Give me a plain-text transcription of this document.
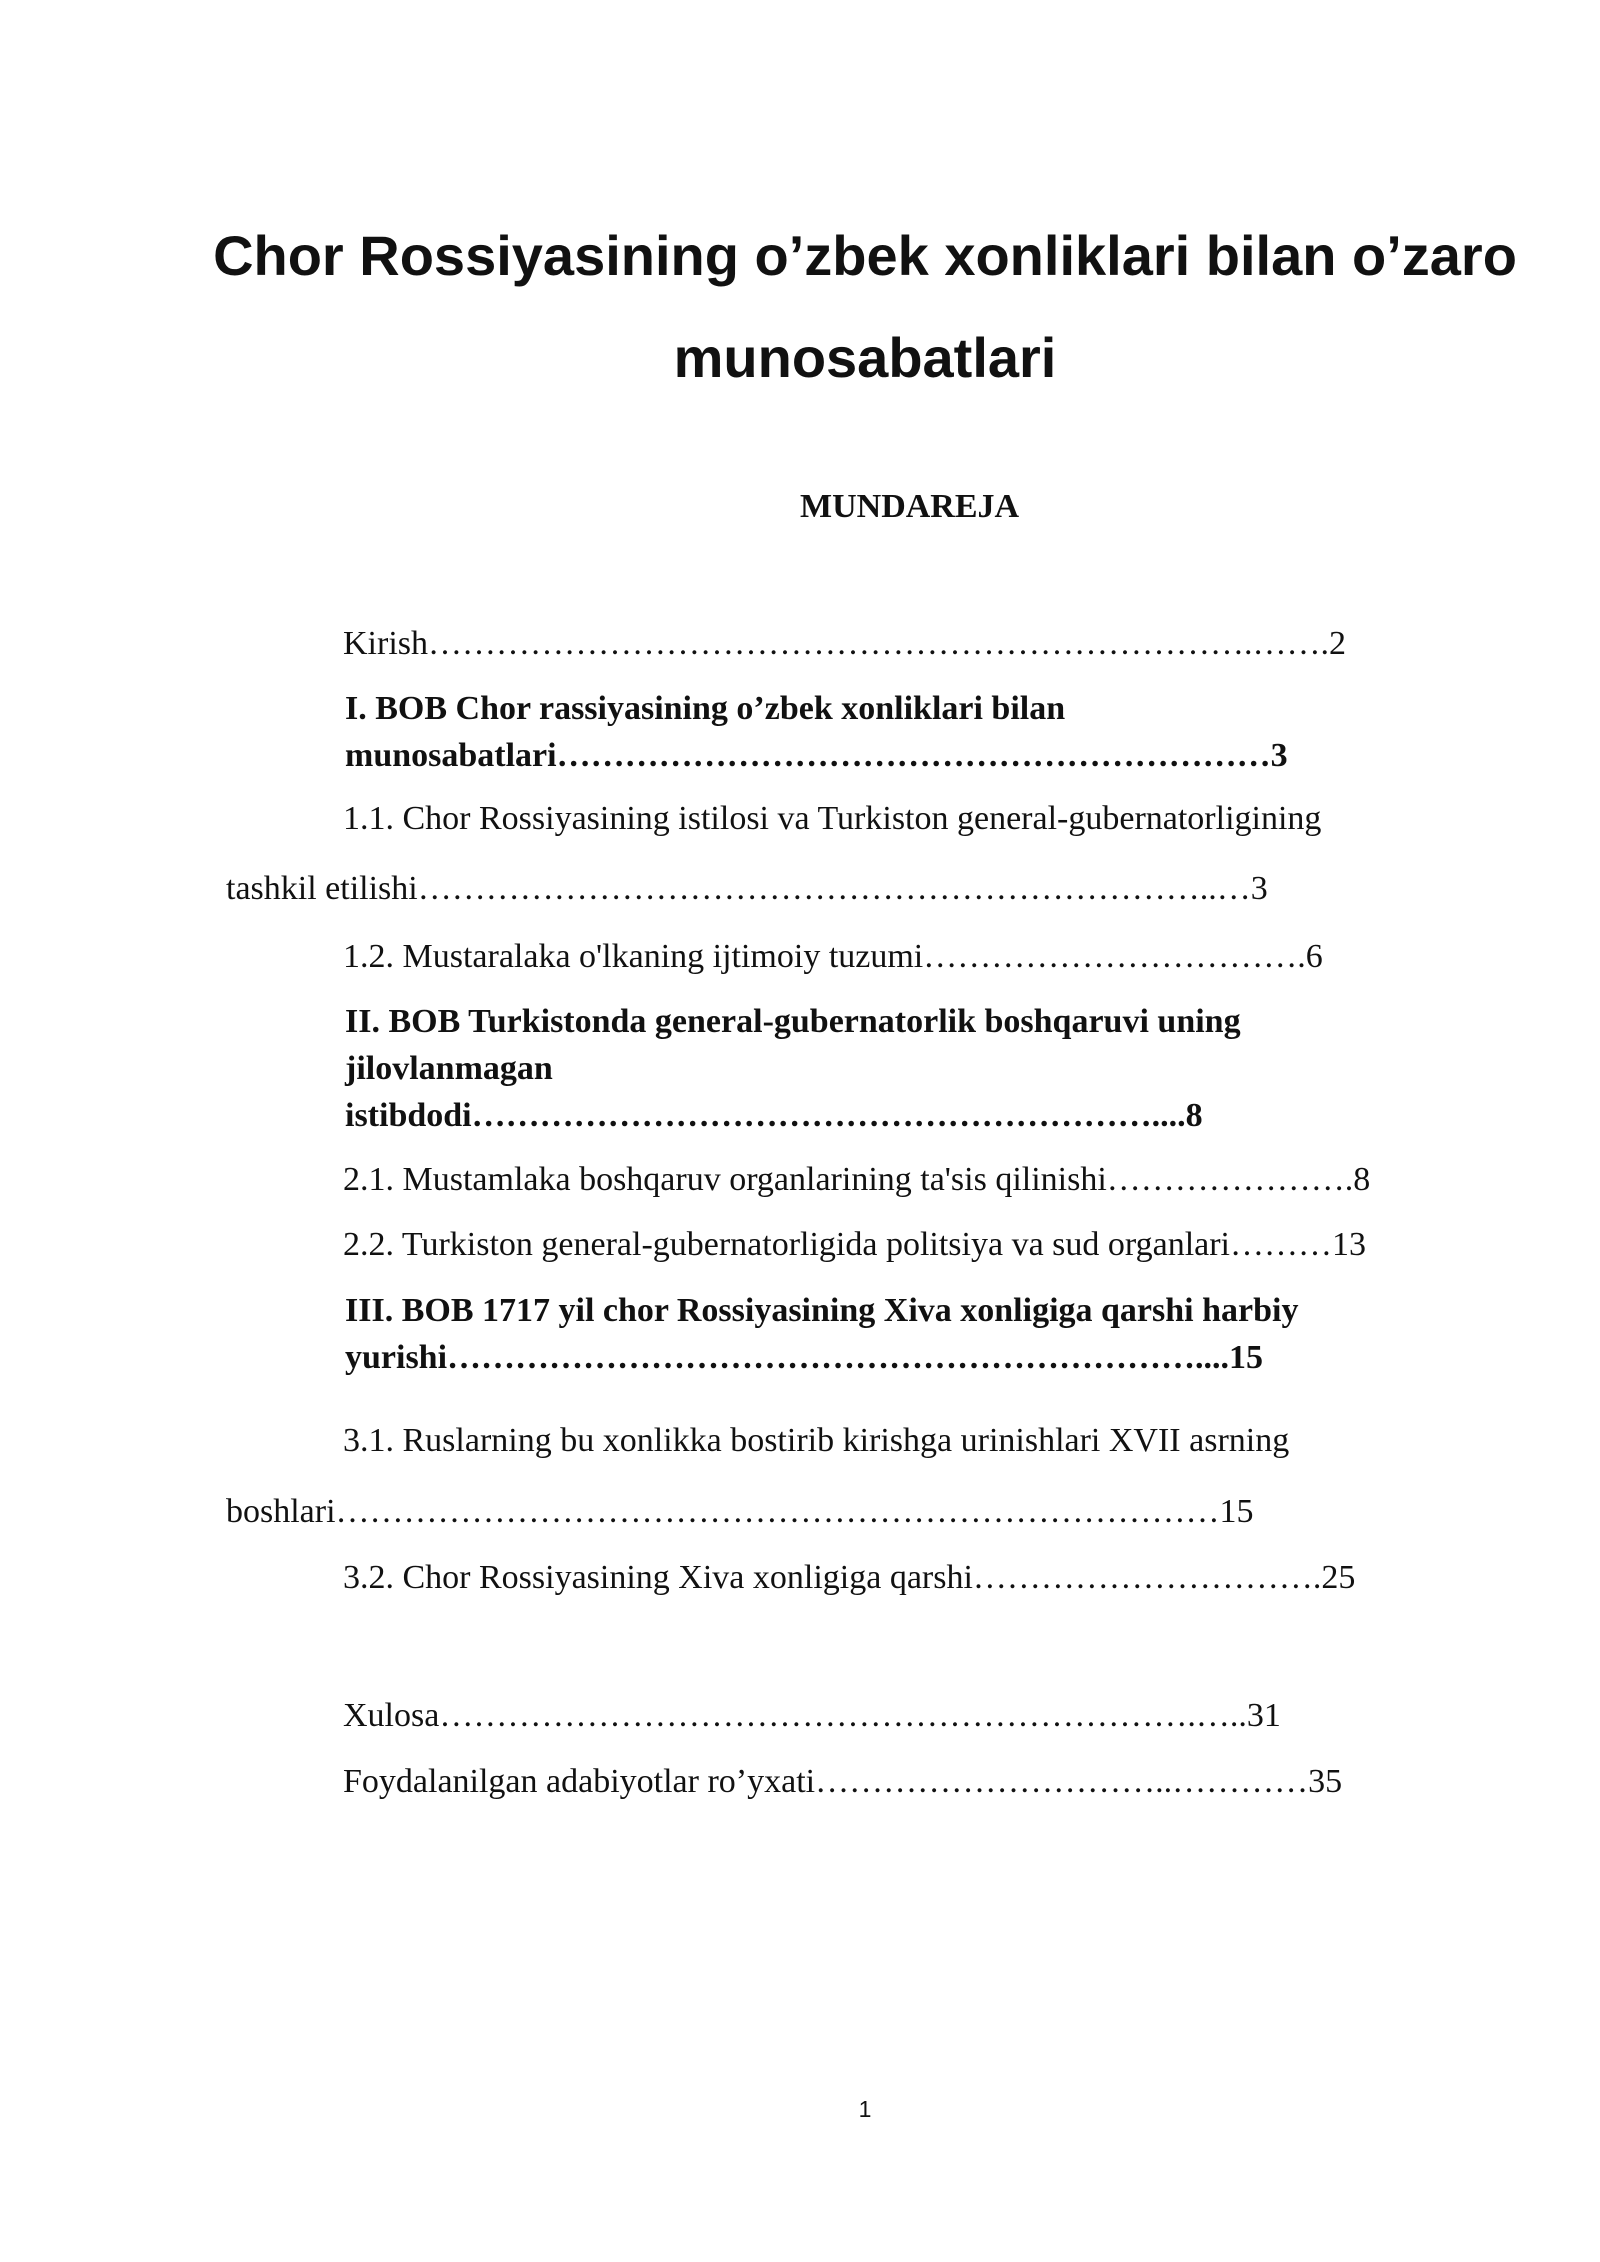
Chor Rossiyasining o’zbek xonliklari bilan o’zaro
munosabatlari
MUNDAREJA
Kirish……………………………………………………………….…….2
I. BOB Chor rassiyasining o’zbek xonliklari bilan
munosabatlari………………………………………………………3
1.1. Chor Rossiyasining istilosi va Turkiston general-gubernatorligining
tashkil etilishi……………………………………………………………..…3
1.2. Mustaralaka o'lkaning ijtimoiy tuzumi…………………………….6
II. BOB Turkistonda general-gubernatorlik boshqaruvi uning
jilovlanmagan
istibdodi……………………………………………………....8
2.1. Mustamlaka boshqaruv organlarining ta'sis qilinishi………………….8
2.2. Turkiston general-gubernatorligida politsiya va sud organlari………13
III. BOB 1717 yil chor Rossiyasining Xiva xonligiga qarshi harbiy
yurishi…………………………………………………………....15
3.1. Ruslarning bu xonlikka bostirib kirishga urinishlari XVII asrning
boshlari……………………………………………………………………15
3.2. Chor Rossiyasining Xiva xonligiga qarshi………………………….25
Xulosa………………………………………………………….…..31
Foydalanilgan adabiyotlar ro’yxati…………………………..…………35
1
